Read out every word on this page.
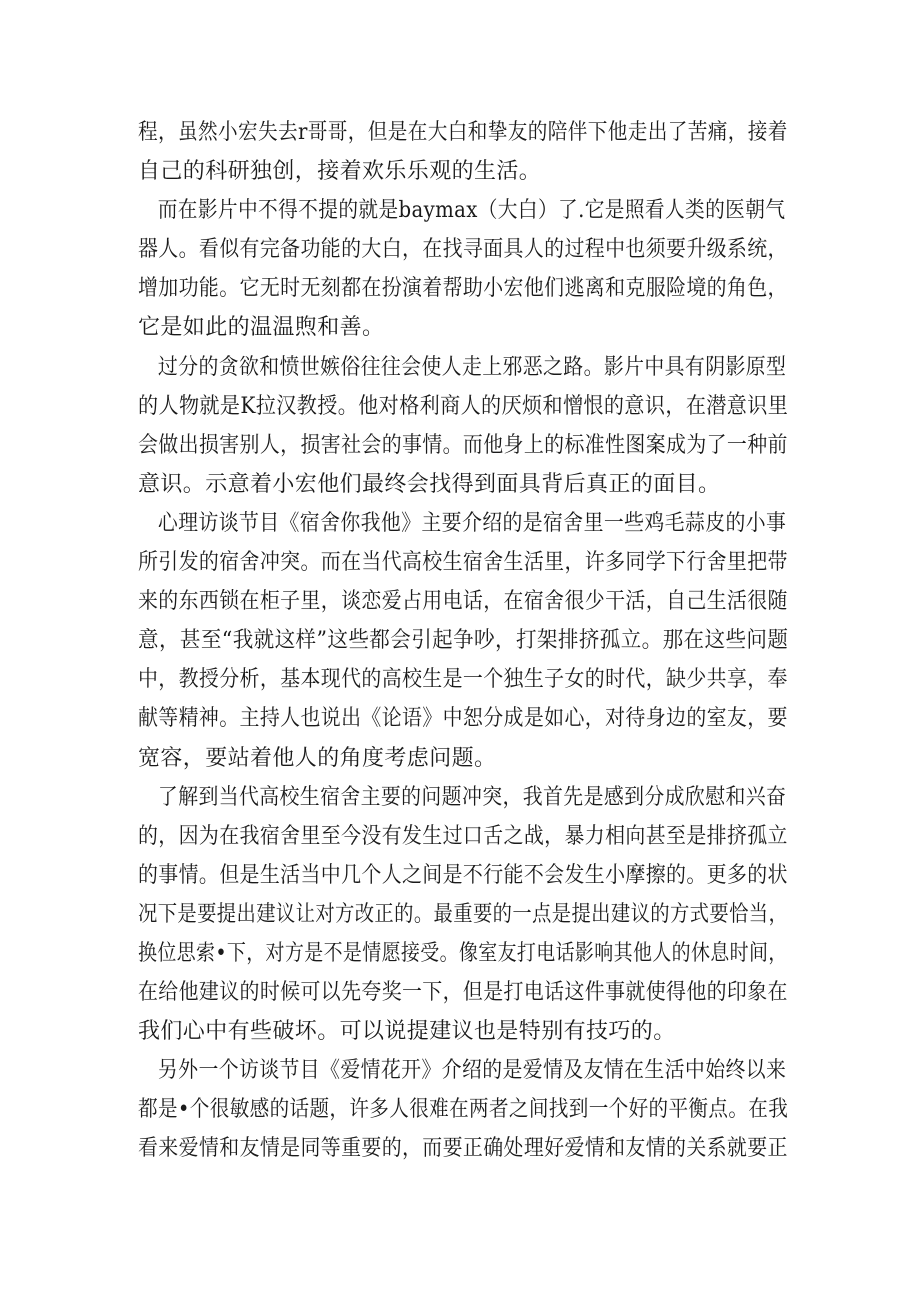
程，虽然小宏失去r哥哥，但是在大白和挚友的陪伴下他走出了苦痛，接着
自己的科研独创，接着欢乐乐观的生活。
而在影片中不得不提的就是baymax（大白）了.它是照看人类的医朝气
器人。看似有完备功能的大白，在找寻面具人的过程中也须要升级系统，
增加功能。它无时无刻都在扮演着帮助小宏他们逃离和克服险境的角色，
它是如此的温温煦和善。
过分的贪欲和愤世嫉俗往往会使人走上邪恶之路。影片中具有阴影原型
的人物就是K拉汉教授。他对格利商人的厌烦和憎恨的意识，在潜意识里
会做出损害别人，损害社会的事情。而他身上的标准性图案成为了一种前
意识。示意着小宏他们最终会找得到面具背后真正的面目。
心理访谈节目《宿舍你我他》主要介绍的是宿舍里一些鸡毛蒜皮的小事
所引发的宿舍冲突。而在当代高校生宿舍生活里，许多同学下行舍里把带
来的东西锁在柜子里，谈恋爱占用电话，在宿舍很少干活，自己生活很随
意，甚至“我就这样”这些都会引起争吵，打架排挤孤立。那在这些问题
中，教授分析，基本现代的高校生是一个独生子女的时代，缺少共享，奉
献等精神。主持人也说出《论语》中恕分成是如心，对待身边的室友，要
宽容，要站着他人的角度考虑问题。
了解到当代高校生宿舍主要的问题冲突，我首先是感到分成欣慰和兴奋
的，因为在我宿舍里至今没有发生过口舌之战，暴力相向甚至是排挤孤立
的事情。但是生活当中几个人之间是不行能不会发生小摩擦的。更多的状
况下是要提出建议让对方改正的。最重要的一点是提出建议的方式要恰当，
换位思索•下，对方是不是情愿接受。像室友打电话影响其他人的休息时间，
在给他建议的时候可以先夸奖一下，但是打电话这件事就使得他的印象在
我们心中有些破坏。可以说提建议也是特别有技巧的。
另外一个访谈节目《爱情花开》介绍的是爱情及友情在生活中始终以来
都是•个很敏感的话题，许多人很难在两者之间找到一个好的平衡点。在我
看来爱情和友情是同等重要的，而要正确处理好爱情和友情的关系就要正
